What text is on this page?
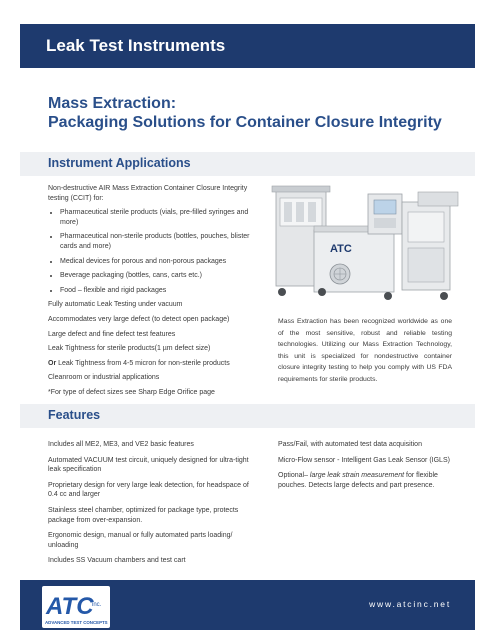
Leak Test Instruments
Mass Extraction:
Packaging Solutions for Container Closure Integrity
Instrument Applications

Non-destructive AIR Mass Extraction Container Closure Integrity testing (CCIT) for:

• Pharmaceutical sterile products (vials, pre-filled syringes and more)
• Pharmaceutical non-sterile products (bottles, pouches, blister cards and more)
• Medical devices for porous and non-porous packages
• Beverage packaging (bottles, cans, carts etc.)
• Food – flexible and rigid packages

Fully automatic Leak Testing under vacuum

Accommodates very large defect (to detect open package)

Large defect and fine defect test features

Leak Tightness for sterile products(1 µm defect size)

Or Leak Tightness from 4-5 micron for non-sterile products

Cleanroom or industrial applications

*For type of defect sizes see Sharp Edge Orifice page

ATC
Mass Extraction has been recognized worldwide as one of the most sensitive, robust and reliable testing technologies. Utilizing our Mass Extraction Technology, this unit is specialized for nondestructive container closure integrity testing to help you comply with US FDA requirements for sterile products.
Features

Includes all ME2, ME3, and VE2 basic features

Automated VACUUM test circuit, uniquely designed for ultra-tight leak specification

Proprietary design for very large leak detection, for headspace of 0.4 cc and larger

Stainless steel chamber, optimized for package type, protects package from over-expansion.

Ergonomic design, manual or fully automated parts loading/ unloading

Includes SS Vacuum chambers and test cart

Pass/Fail, with automated test data acquisition

Micro-Flow sensor - Intelligent Gas Leak Sensor (IGLS)

Optional– large leak strain measurement for flexible pouches. Detects large defects and part presence.

ATC
inc.
ADVANCED TEST CONCEPTS
www.atcinc.net
